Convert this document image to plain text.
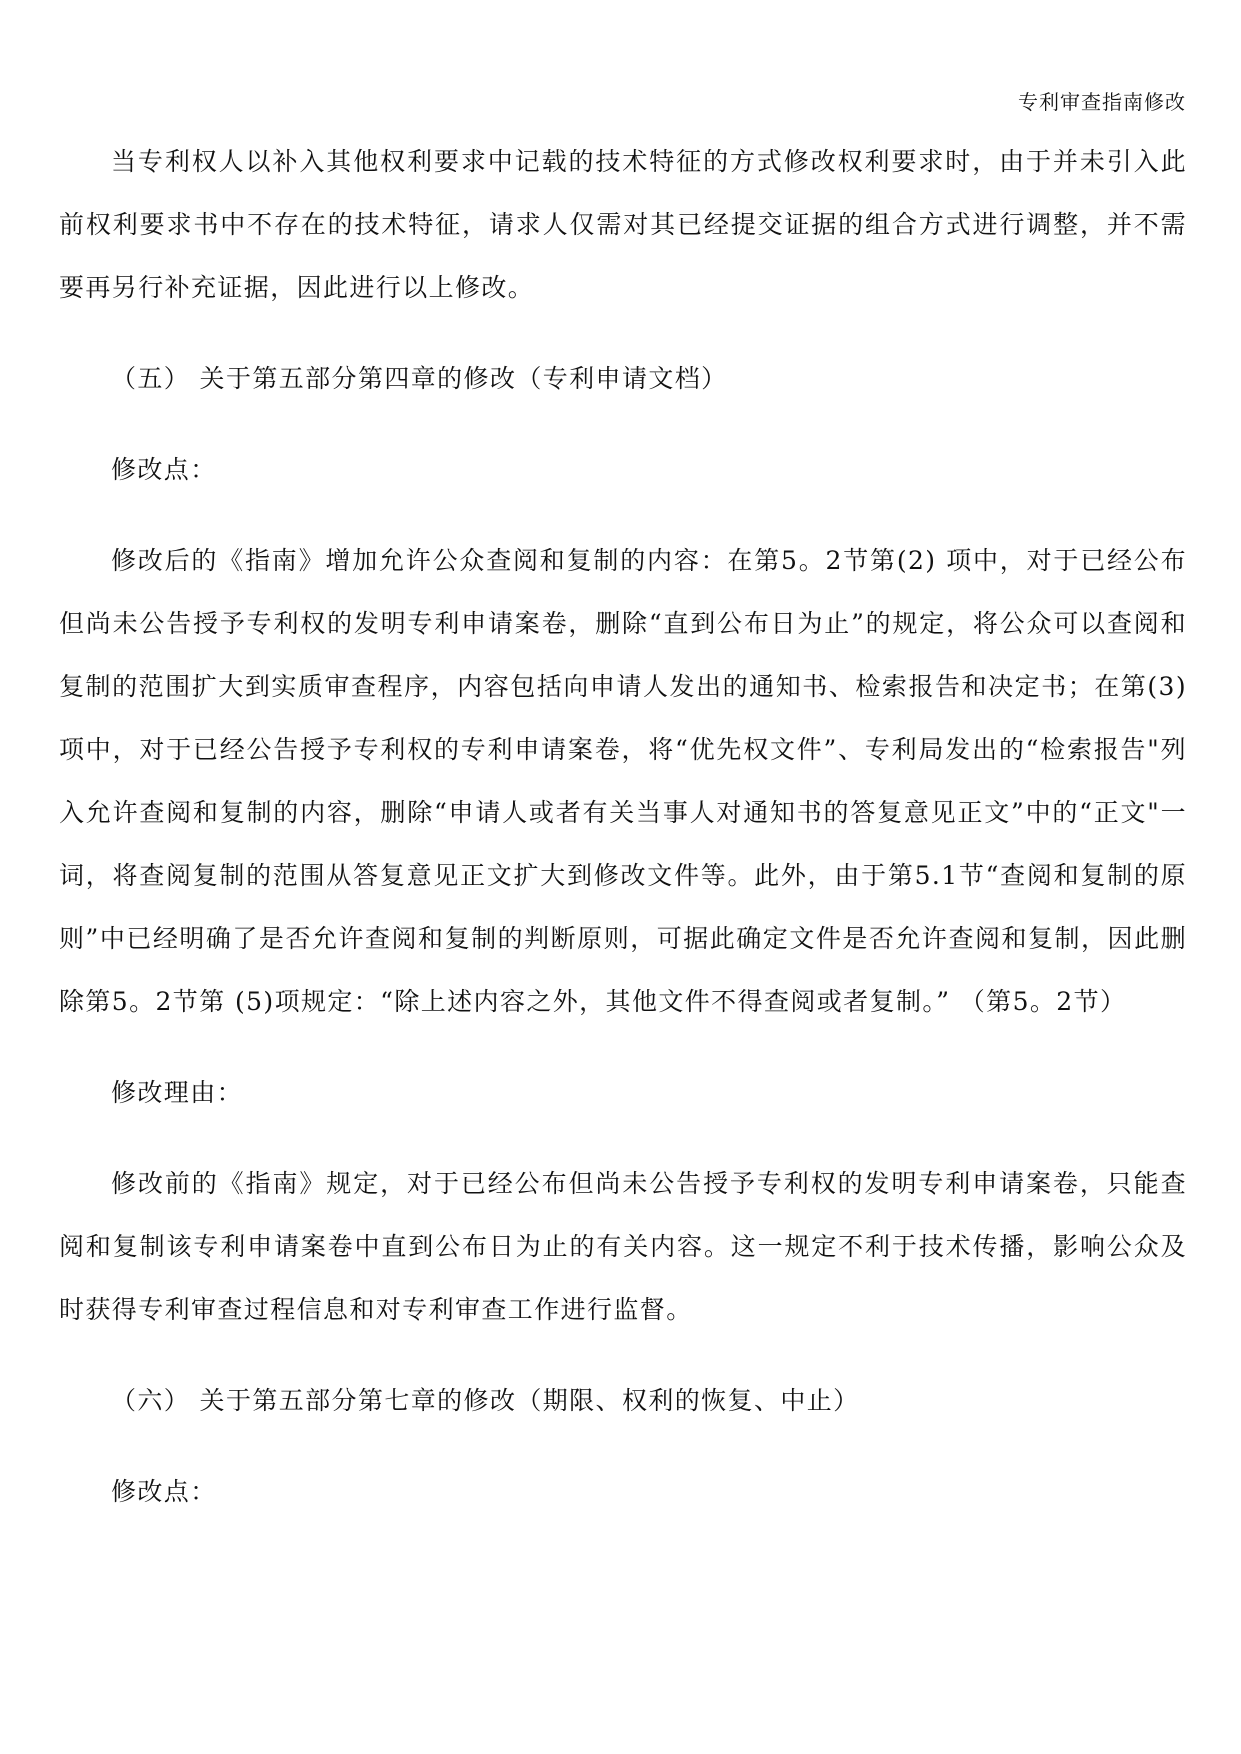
专利审查指南修改

当专利权人以补入其他权利要求中记载的技术特征的方式修改权利要求时，由于并未引入此前权利要求书中不存在的技术特征，请求人仅需对其已经提交证据的组合方式进行调整，并不需要再另行补充证据，因此进行以上修改。

（五） 关于第五部分第四章的修改（专利申请文档）

修改点：

修改后的《指南》增加允许公众查阅和复制的内容：在第5。2节第(2) 项中，对于已经公布但尚未公告授予专利权的发明专利申请案卷，删除“直到公布日为止”的规定，将公众可以查阅和复制的范围扩大到实质审查程序，内容包括向申请人发出的通知书、检索报告和决定书；在第(3)项中，对于已经公告授予专利权的专利申请案卷，将“优先权文件”、专利局发出的“检索报告"列入允许查阅和复制的内容，删除“申请人或者有关当事人对通知书的答复意见正文”中的“正文"一词，将查阅复制的范围从答复意见正文扩大到修改文件等。此外，由于第5.1节“查阅和复制的原则”中已经明确了是否允许查阅和复制的判断原则，可据此确定文件是否允许查阅和复制，因此删除第5。2节第 (5)项规定：“除上述内容之外，其他文件不得查阅或者复制。” （第5。2节）

修改理由：

修改前的《指南》规定，对于已经公布但尚未公告授予专利权的发明专利申请案卷，只能查阅和复制该专利申请案卷中直到公布日为止的有关内容。这一规定不利于技术传播，影响公众及时获得专利审查过程信息和对专利审查工作进行监督。

（六） 关于第五部分第七章的修改（期限、权利的恢复、中止）

修改点：
